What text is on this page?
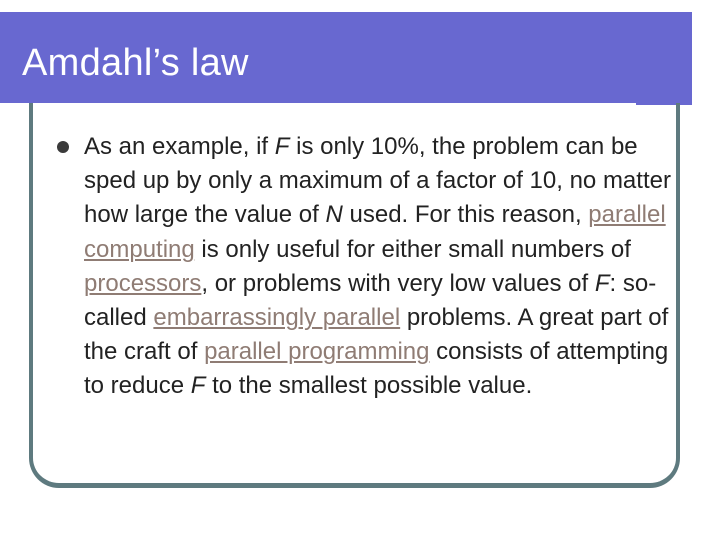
Amdahl’s law
As an example, if F is only 10%, the problem can be sped up by only a maximum of a factor of 10, no matter how large the value of N used. For this reason, parallel computing is only useful for either small numbers of processors, or problems with very low values of F: so-called embarrassingly parallel problems. A great part of the craft of parallel programming consists of attempting to reduce F to the smallest possible value.
